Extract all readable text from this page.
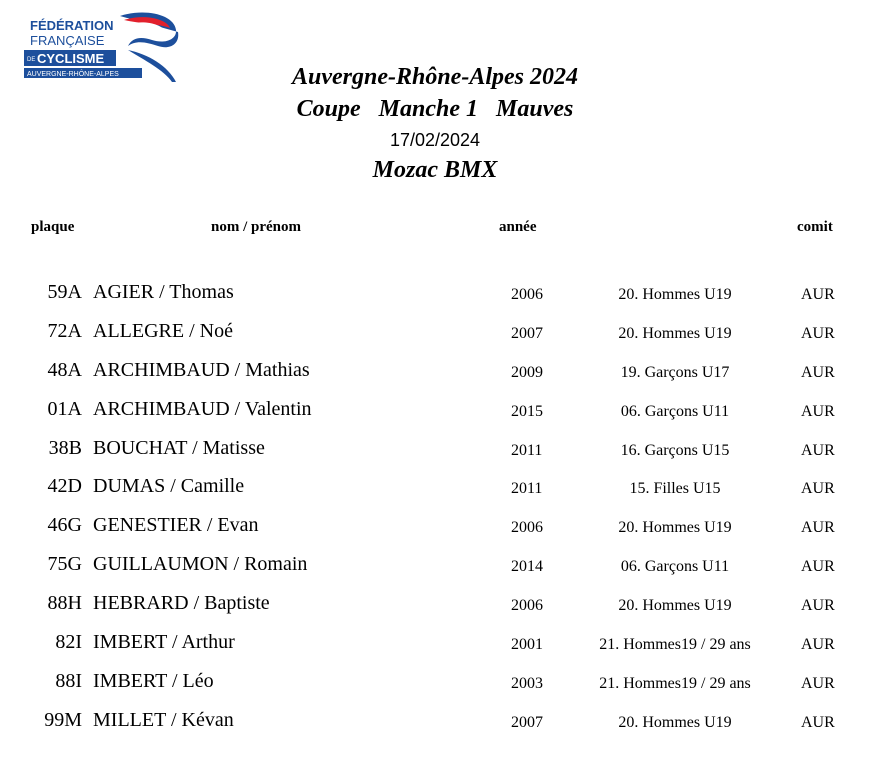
FÉDÉRATION
FRANÇAISE
DE CYCLISME
AUVERGNE-RHÔNE-ALPES	Auvergne-Rhône-Alpes 2024
Coupe   Manche 1   Mauves
17/02/2024
Mozac BMX
plaque	nom / prénom	année	comit
59A AGIER / Thomas	2006	20. Hommes U19	AUR
72A ALLEGRE / Noé	2007	20. Hommes U19	AUR
48A ARCHIMBAUD / Mathias	2009	19. Garçons U17	AUR
01A ARCHIMBAUD / Valentin	2015	06. Garçons U11	AUR
38B BOUCHAT / Matisse	2011	16. Garçons U15	AUR
42D DUMAS / Camille	2011	15. Filles U15	AUR
46G GENESTIER / Evan	2006	20. Hommes U19	AUR
75G GUILLAUMON / Romain	2014	06. Garçons U11	AUR
88H HEBRARD / Baptiste	2006	20. Hommes U19	AUR
82I IMBERT / Arthur	2001	21. Hommes19 / 29 ans	AUR
88I IMBERT / Léo	2003	21. Hommes19 / 29 ans	AUR
99M MILLET / Kévan	2007	20. Hommes U19	AUR
